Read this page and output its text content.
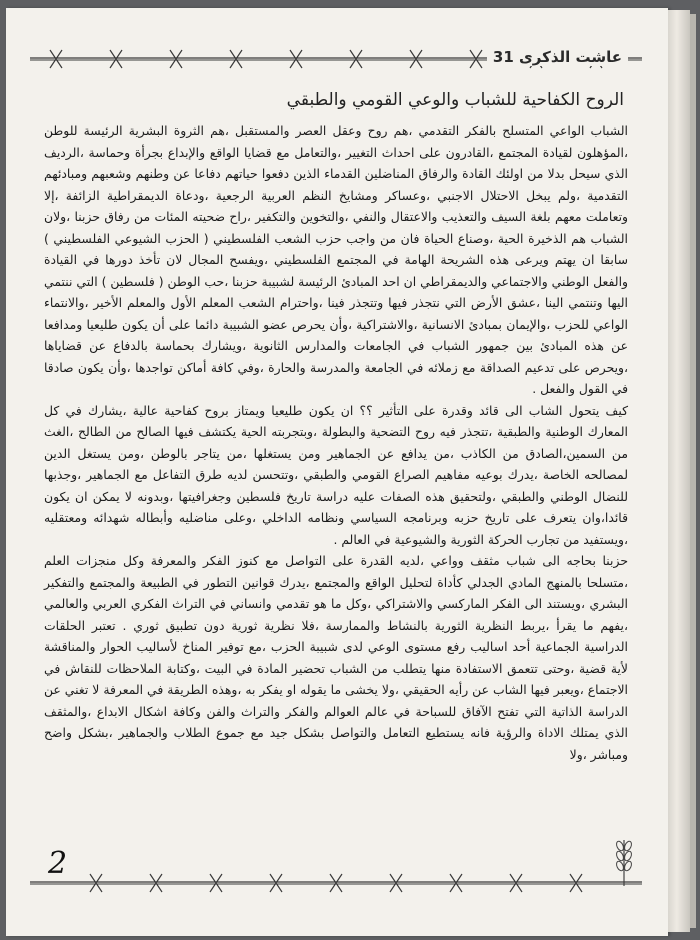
عاشت الذكرى 31
الروح الكفاحية للشباب والوعي القومي والطبقي

الشباب الواعي المتسلح بالفكر التقدمي ،هم روح وعقل العصر والمستقبل ،هم الثروة البشرية الرئيسة للوطن ،المؤهلون لقيادة المجتمع ،القادرون على احداث التغيير ،والتعامل مع قضايا الواقع والإبداع بجرأة وحماسة ،الرديف الذي سيحل بدلا من اولئك القادة والرفاق المناضلين القدماء الذين دفعوا حياتهم دفاعا عن وطنهم وشعبهم ومبادئهم التقدمية ،ولم يبخل الاحتلال الاجنبي ،وعساكر ومشايخ النظم العربية الرجعية ،ودعاة الديمقراطية الزائفة ،إلا وتعاملت معهم بلغة السيف والتعذيب والاعتقال والنفي ،والتخوين والتكفير ،راح ضحيته المئات من رفاق حزبنا ،ولان الشباب هم الذخيرة الحية ،وصناع الحياة فان من واجب حزب الشعب الفلسطيني ( الحزب الشيوعي الفلسطيني ) سابقا ان يهتم ويرعى هذه الشريحة الهامة في المجتمع الفلسطيني ،ويفسح المجال لان تأخذ دورها في القيادة والفعل الوطني والاجتماعي والديمقراطي ان احد المبادئ الرئيسة لشبيبة حزبنا ،حب الوطن ( فلسطين ) التي ننتمي اليها وتنتمي الينا ،عشق الأرض التي نتجذر فيها وتتجذر فينا ،واحترام الشعب المعلم الأول والمعلم الأخير ،والانتماء الواعي للحزب ،والإيمان بمبادئ الانسانية ،والاشتراكية ،وأن يحرص عضو الشبيبة دائما على أن يكون طليعيا ومدافعا عن هذه المبادئ بين جمهور الشباب في الجامعات والمدارس الثانوية ،ويشارك بحماسة بالدفاع عن قضاياها ،ويحرص على تدعيم الصداقة مع زملائه في الجامعة والمدرسة والحارة ،وفي كافة أماكن تواجدها ،وأن يكون صادقا في القول والفعل .

كيف يتحول الشاب الى قائد وقدرة على التأثير ؟؟ ان يكون طليعيا ويمتاز بروح كفاحية عالية ،يشارك في كل المعارك الوطنية والطبقية ،تتجذر فيه روح التضحية والبطولة ،وبتجربته الحية يكتشف فيها الصالح من الطالح ،الغث من السمين،الصادق من الكاذب ،من يدافع عن الجماهير ومن يستغلها ،من يتاجر بالوطن ،ومن يستغل الدين لمصالحه الخاصة ،يدرك بوعيه مفاهيم الصراع القومي والطبقي ،وتتحسن لديه طرق التفاعل مع الجماهير ،وجذبها للنضال الوطني والطبقي ،ولتحقيق هذه الصفات عليه دراسة تاريخ فلسطين وجغرافيتها ،وبدونه لا يمكن ان يكون قائدا،وان يتعرف على تاريخ حزبه وبرنامجه السياسي ونظامه الداخلي ،وعلى مناضليه وأبطاله شهدائه ومعتقليه ،ويستفيد من تجارب الحركة الثورية والشيوعية في العالم .

حزبنا بحاجه الى شباب مثقف وواعي ،لديه القدرة على التواصل مع كنوز الفكر والمعرفة وكل منجزات العلم ،متسلحا بالمنهج المادي الجدلي كأداة لتحليل الواقع والمجتمع ،يدرك قوانين التطور في الطبيعة والمجتمع والتفكير البشري ،ويستند الى الفكر الماركسي والاشتراكي ،وكل ما هو تقدمي وانساني في التراث الفكري العربي والعالمي ،يفهم ما يقرأ ،يربط النظرية الثورية بالنشاط والممارسة ،فلا نظرية ثورية دون تطبيق ثوري . تعتبر الحلقات الدراسية الجماعية أحد اساليب رفع مستوى الوعي لدى شبيبة الحزب ،مع توفير المناخ لأساليب الحوار والمناقشة لأية قضية ،وحتى تتعمق الاستفادة منها يتطلب من الشباب تحضير المادة في البيت ،وكتابة الملاحظات للنقاش في الاجتماع ،ويعبر فيها الشاب عن رأيه الحقيقي ،ولا يخشى ما يقوله او يفكر به ،وهذه الطريقة في المعرفة لا تغني عن الدراسة الذاتية التي تفتح الآفاق للسباحة في عالم العوالم والفكر والتراث والفن وكافة اشكال الابداع ،والمثقف الذي يمتلك الاداة والرؤية فانه يستطيع التعامل والتواصل بشكل جيد مع جموع الطلاب والجماهير ،بشكل واضح ومباشر ،ولا

2
